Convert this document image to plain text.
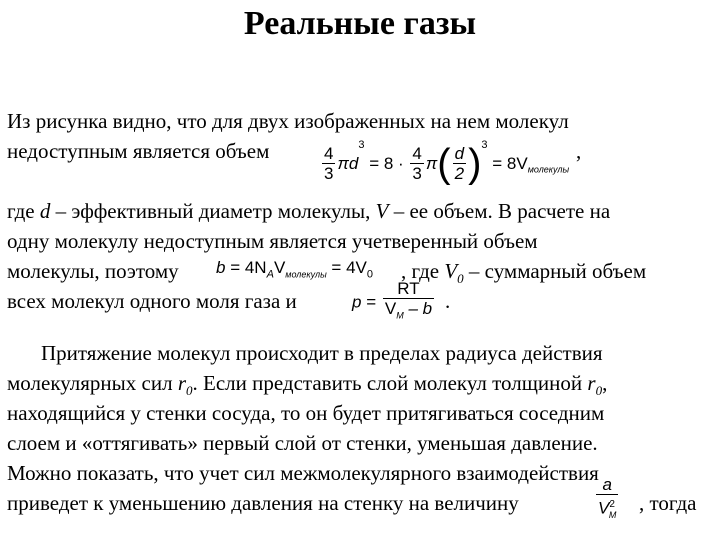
Реальные газы
Из рисунка видно, что для двух изображенных на нем молекул
недоступным является объем	,
$\frac{4}{3} \pi d^3 = 8 \cdot \frac{4}{3} \pi( \frac{d}{2} )^3 = 8V_{молекулы}$
где d – эффективный диаметр молекулы, V – ее объем. В расчете на
одну молекулу недоступным является учетверенный объем
молекулы, поэтому	, где $V_0$ – суммарный объем
всех молекул одного моля газа и	.
$b = 4N_AV_{молекулы} = 4V_0$
$p = \frac{RT}{V_M - b}$
Притяжение молекул происходит в пределах радиуса действия
молекулярных сил $r_0$. Если представить слой молекул толщиной $r_0$,
находящийся у стенки сосуда, то он будет притягиваться соседним
слоем и «оттягивать» первый слой от стенки, уменьшая давление.
Можно показать, что учет сил межмолекулярного взаимодействия
приведет к уменьшению давления на стенку на величину	, тогда
$\frac{a}{V^2_M}$
